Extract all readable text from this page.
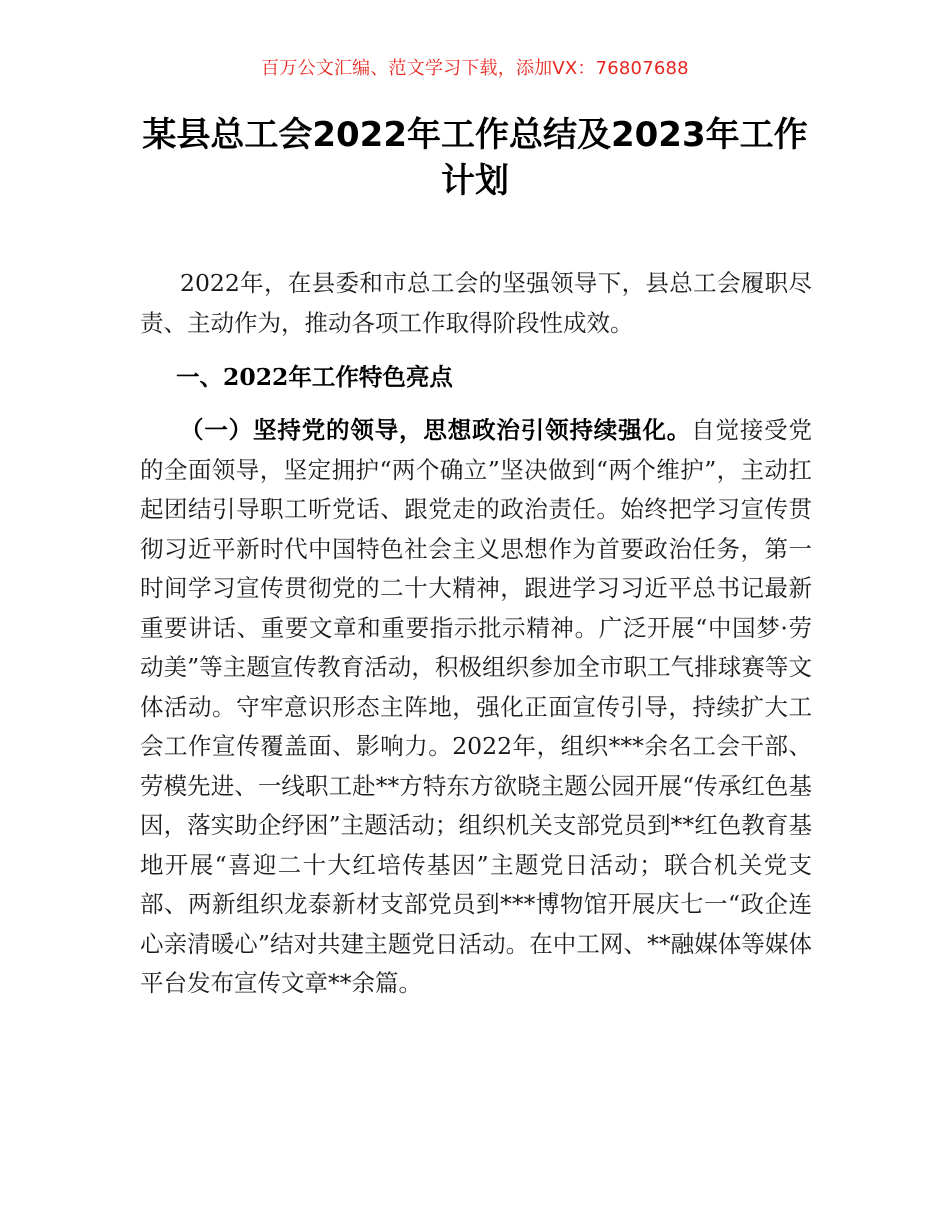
百万公文汇编、范文学习下载，添加VX：76807688
某县总工会2022年工作总结及2023年工作计划
2022年，在县委和市总工会的坚强领导下，县总工会履职尽责、主动作为，推动各项工作取得阶段性成效。
一、2022年工作特色亮点
（一）坚持党的领导，思想政治引领持续强化。自觉接受党的全面领导，坚定拥护“两个确立”坚决做到“两个维护”，主动扛起团结引导职工听党话、跟党走的政治责任。始终把学习宣传贯彻习近平新时代中国特色社会主义思想作为首要政治任务，第一时间学习宣传贯彻党的二十大精神，跟进学习习近平总书记最新重要讲话、重要文章和重要指示批示精神。广泛开展“中国梦·劳动美”等主题宣传教育活动，积极组织参加全市职工气排球赛等文体活动。守牢意识形态主阵地，强化正面宣传引导，持续扩大工会工作宣传覆盖面、影响力。2022年，组织***余名工会干部、劳模先进、一线职工赴**方特东方欲晓主题公园开展“传承红色基因，落实助企纾困”主题活动；组织机关支部党员到**红色教育基地开展“喜迎二十大红培传基因”主题党日活动；联合机关党支部、两新组织龙泰新材支部党员到***博物馆开展庆七一“政企连心亲清暖心”结对共建主题党日活动。在中工网、**融媒体等媒体平台发布宣传文章**余篇。
